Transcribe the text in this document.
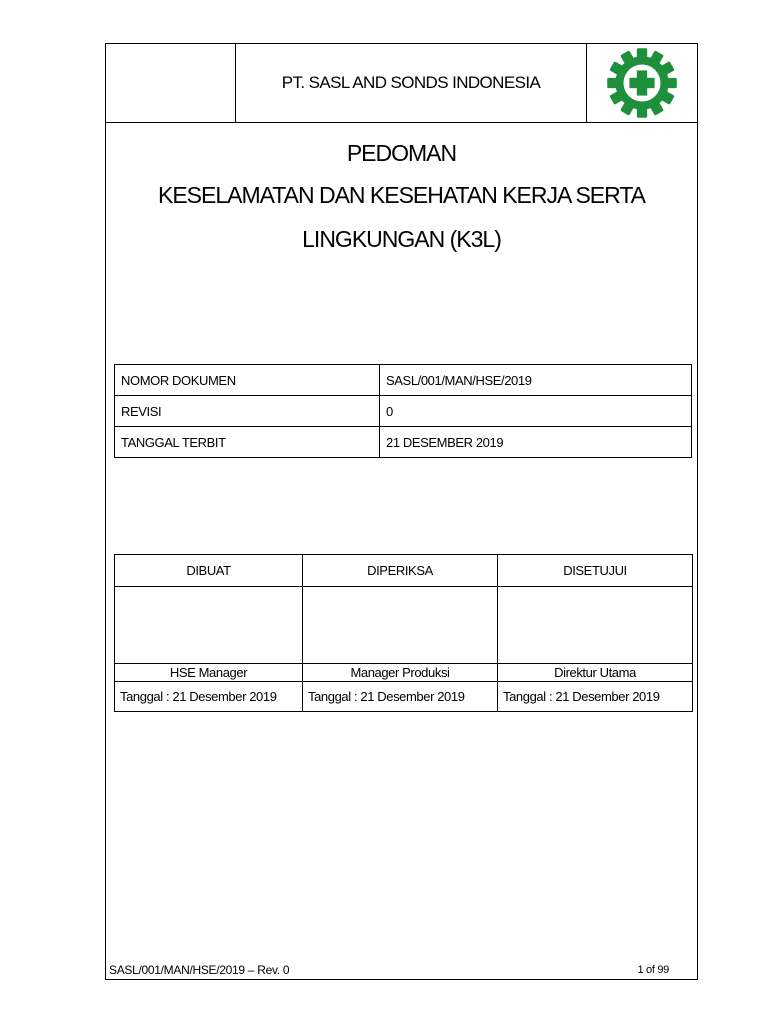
PT. SASL AND SONDS INDONESIA
PEDOMAN
KESELAMATAN DAN KESEHATAN KERJA SERTA
LINGKUNGAN (K3L)
NOMOR DOKUMEN	SASL/001/MAN/HSE/2019
REVISI	0
TANGGAL TERBIT	21 DESEMBER 2019
DIBUAT	DIPERIKSA	DISETUJUI

HSE Manager	Manager Produksi	Direktur Utama
Tanggal : 21 Desember 2019	Tanggal : 21 Desember 2019	Tanggal : 21 Desember 2019
SASL/001/MAN/HSE/2019 – Rev. 0	1 of 99
